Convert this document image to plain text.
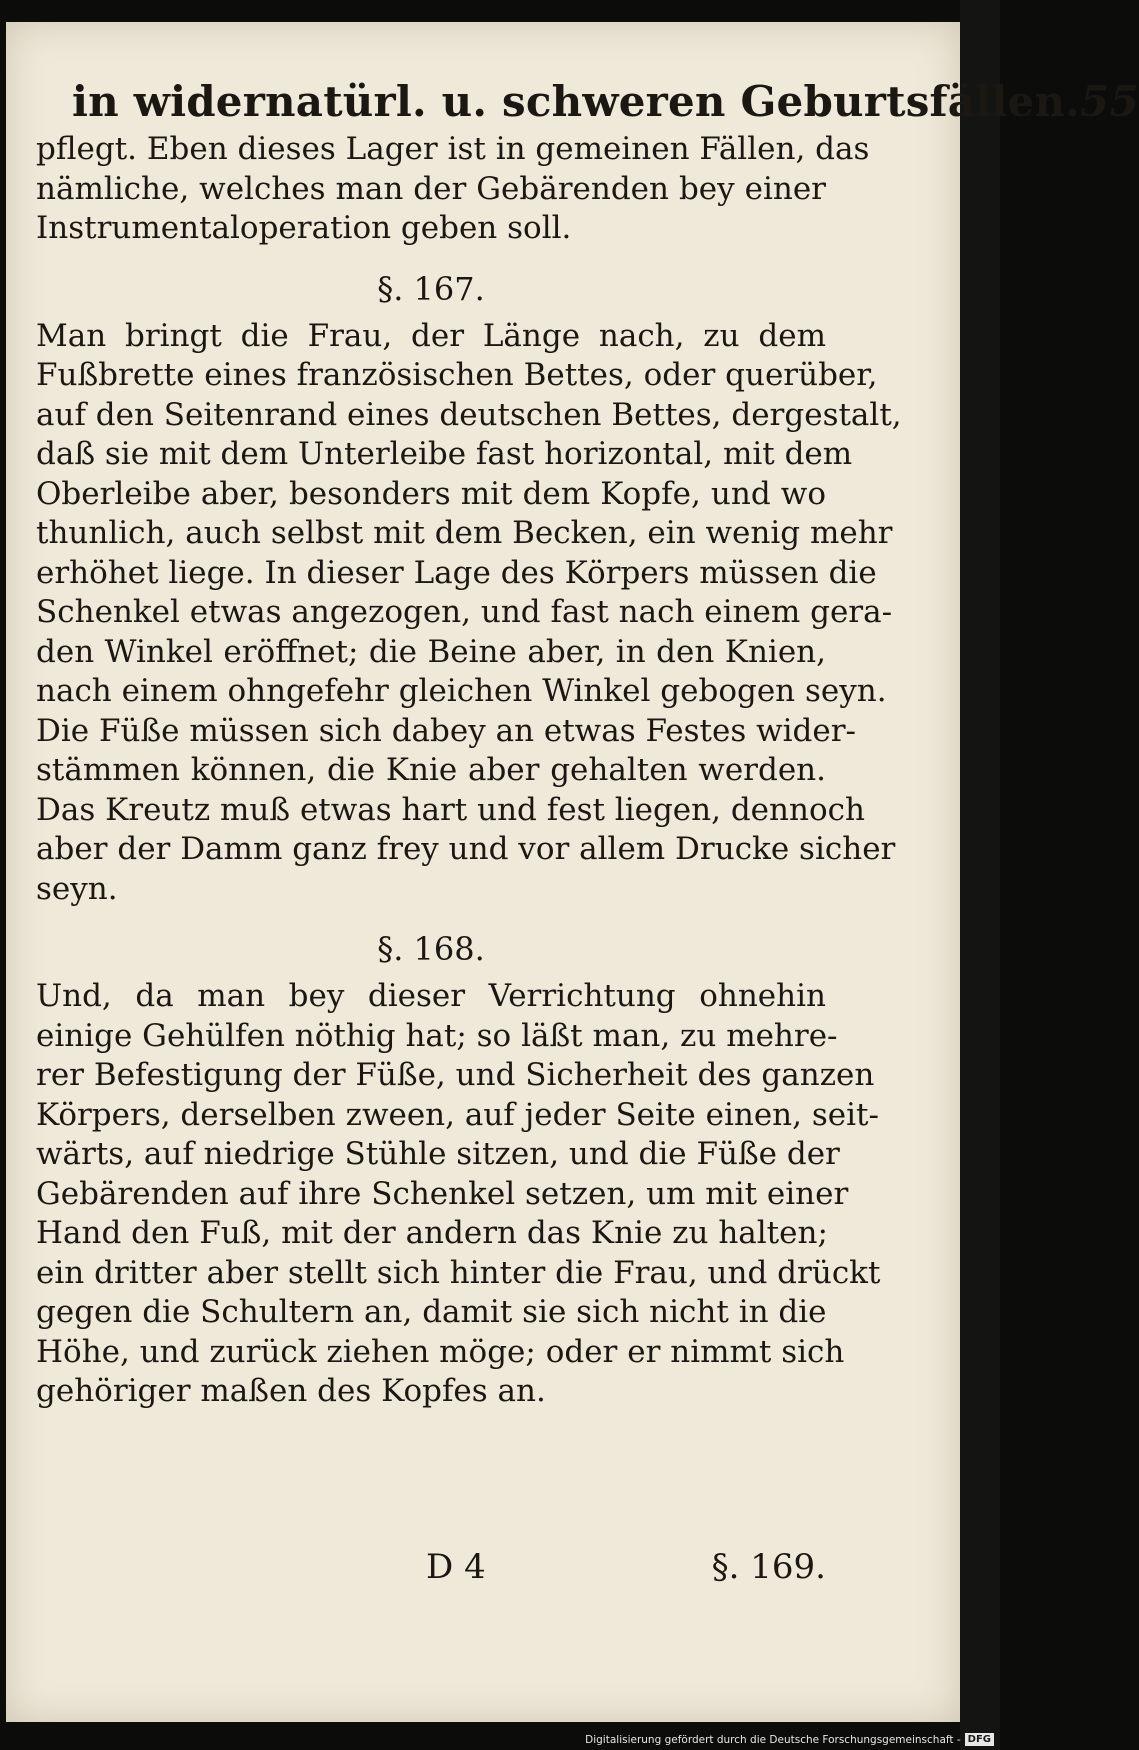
in widernatürl. u. schweren Geburtsfällen. 55
pflegt. Eben dieses Lager ist in gemeinen Fällen, das
nämliche, welches man der Gebärenden bey einer
Instrumentaloperation geben soll.
§. 167.
Man bringt die Frau, der Länge nach, zu dem
Fußbrette eines französischen Bettes, oder querüber,
auf den Seitenrand eines deutschen Bettes, dergestalt,
daß sie mit dem Unterleibe fast horizontal, mit dem
Oberleibe aber, besonders mit dem Kopfe, und wo
thunlich, auch selbst mit dem Becken, ein wenig mehr
erhöhet liege. In dieser Lage des Körpers müssen die
Schenkel etwas angezogen, und fast nach einem gera-
den Winkel eröffnet; die Beine aber, in den Knien,
nach einem ohngefehr gleichen Winkel gebogen seyn.
Die Füße müssen sich dabey an etwas Festes wider-
stämmen können, die Knie aber gehalten werden.
Das Kreutz muß etwas hart und fest liegen, dennoch
aber der Damm ganz frey und vor allem Drucke sicher
seyn.
§. 168.
Und, da man bey dieser Verrichtung ohnehin
einige Gehülfen nöthig hat; so läßt man, zu mehre-
rer Befestigung der Füße, und Sicherheit des ganzen
Körpers, derselben zween, auf jeder Seite einen, seit-
wärts, auf niedrige Stühle sitzen, und die Füße der
Gebärenden auf ihre Schenkel setzen, um mit einer
Hand den Fuß, mit der andern das Knie zu halten;
ein dritter aber stellt sich hinter die Frau, und drückt
gegen die Schultern an, damit sie sich nicht in die
Höhe, und zurück ziehen möge; oder er nimmt sich
gehöriger maßen des Kopfes an.
D 4	§. 169.
Digitalisierung gefördert durch die Deutsche Forschungsgemeinschaft - DFG
